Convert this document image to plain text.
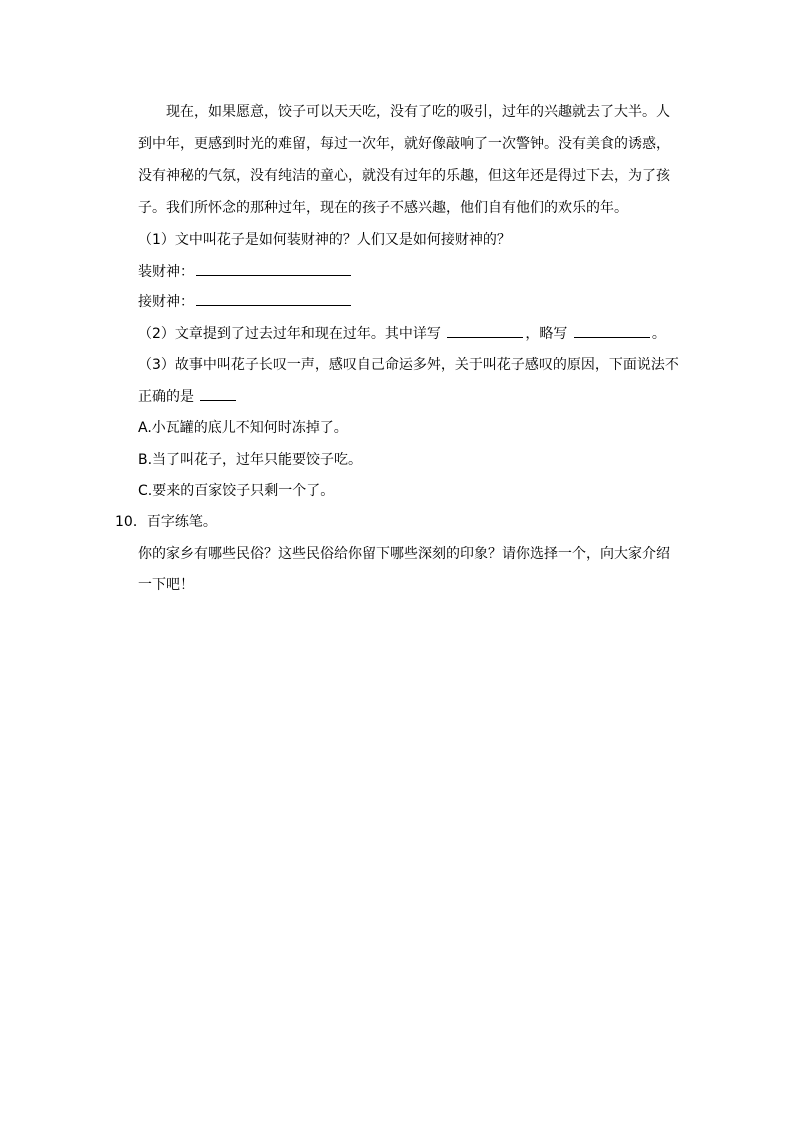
现在，如果愿意，饺子可以天天吃，没有了吃的吸引，过年的兴趣就去了大半。人
到中年，更感到时光的难留，每过一次年，就好像敲响了一次警钟。没有美食的诱惑，
没有神秘的气氛，没有纯洁的童心，就没有过年的乐趣，但这年还是得过下去，为了孩
子。我们所怀念的那种过年，现在的孩子不感兴趣，他们自有他们的欢乐的年。
（1）文中叫花子是如何装财神的？人们又是如何接财神的？
装财神：
接财神：
（2）文章提到了过去过年和现在过年。其中详写	，略写	。
（3）故事中叫花子长叹一声，感叹自己命运多舛，关于叫花子感叹的原因，下面说法不
正确的是
A.小瓦罐的底儿不知何时冻掉了。
B.当了叫花子，过年只能要饺子吃。
C.要来的百家饺子只剩一个了。
10．百字练笔。
你的家乡有哪些民俗？这些民俗给你留下哪些深刻的印象？请你选择一个，向大家介绍
一下吧！
